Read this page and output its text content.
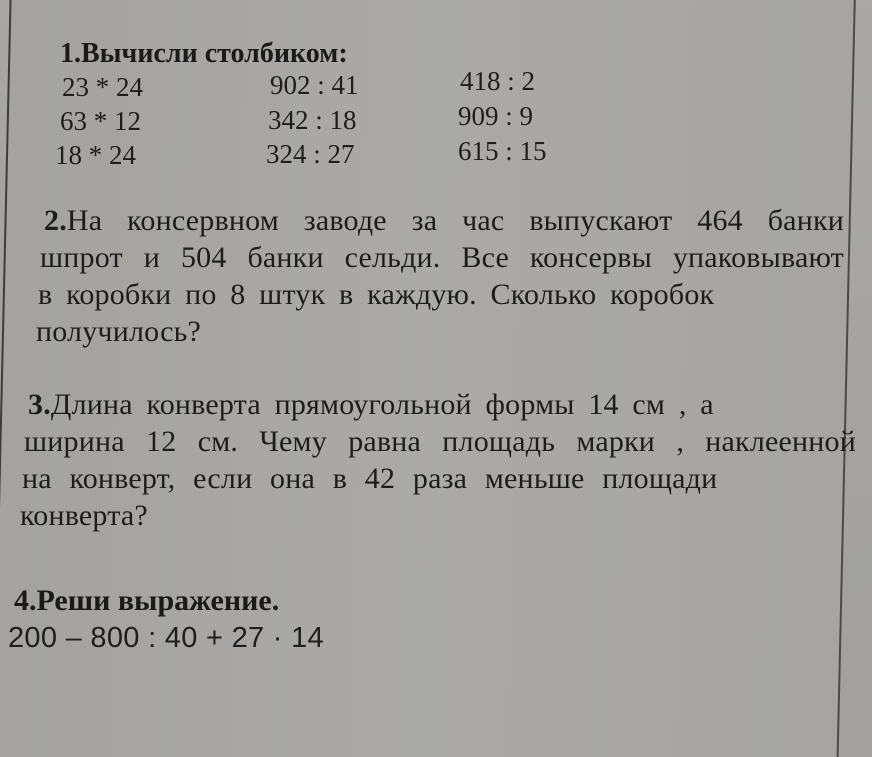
1.Вычисли столбиком:
23 * 24
63 * 12
18 * 24
902 : 41
342 : 18
324 : 27
418 : 2
909 : 9
615 : 15
2.На консервном заводе за час выпускают 464 банки
шпрот и 504 банки сельди. Все консервы упаковывают
в коробки по 8 штук в каждую. Сколько коробок
получилось?
3.Длина конверта прямоугольной формы 14 см , а
ширина 12 см. Чему равна площадь марки , наклеенной
на конверт, если она в 42 раза меньше площади
конверта?
4.Реши выражение.
200 – 800 : 40 + 27 · 14
